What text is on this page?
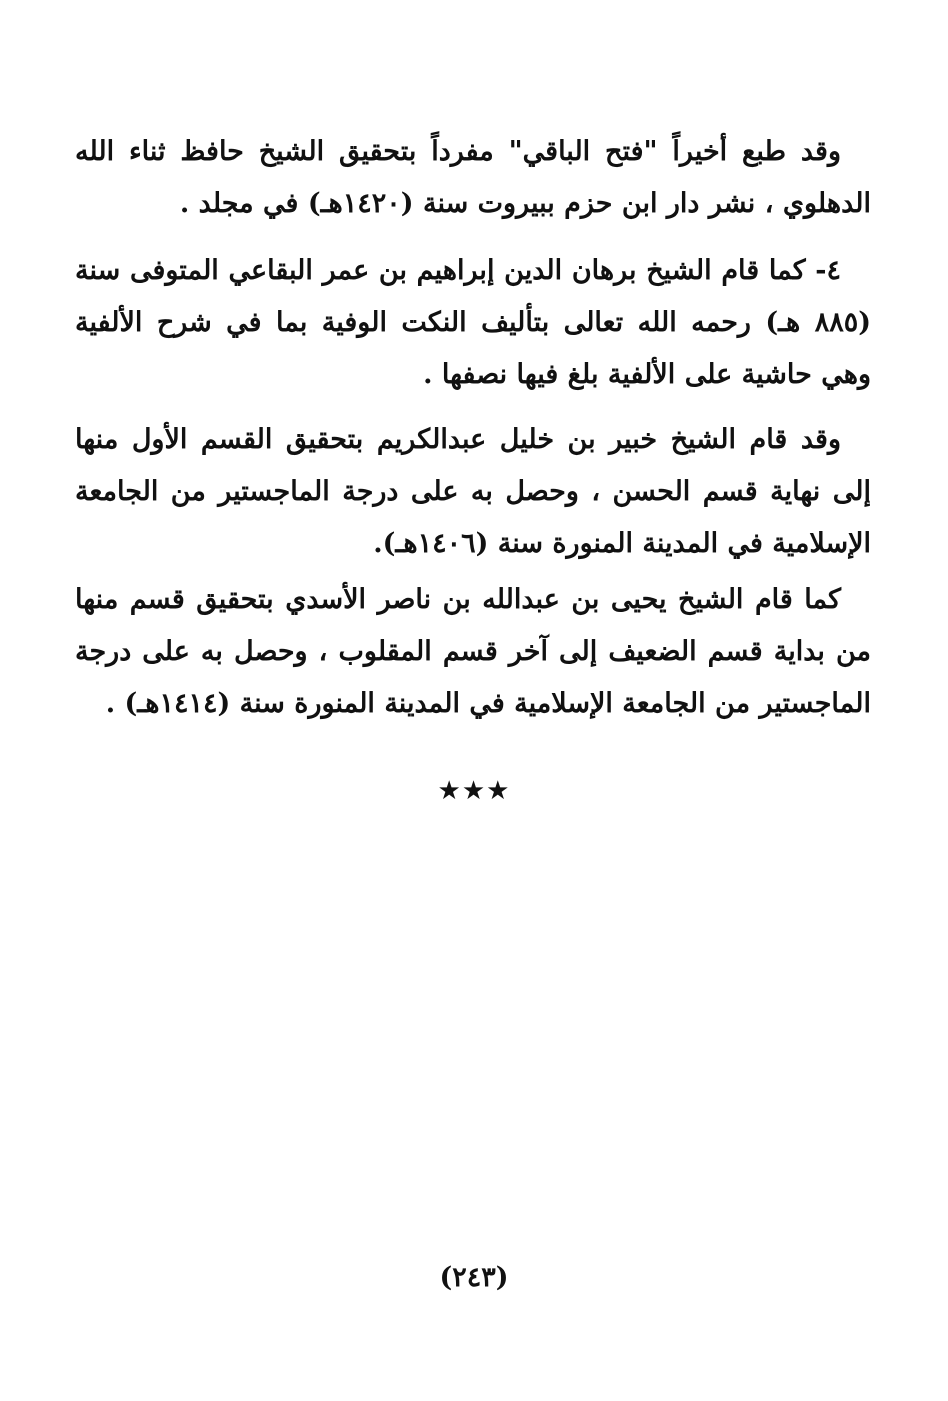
وقد طبع أخيراً "فتح الباقي" مفرداً بتحقيق الشيخ حافظ ثناء الله الدهلوي ، نشر دار ابن حزم ببيروت سنة (١٤٢٠هـ) في مجلد .
٤- كما قام الشيخ برهان الدين إبراهيم بن عمر البقاعي المتوفى سنة (٨٨٥ هـ) رحمه الله تعالى بتأليف النكت الوفية بما في شرح الألفية وهي حاشية على الألفية بلغ فيها نصفها .
وقد قام الشيخ خبير بن خليل عبدالكريم بتحقيق القسم الأول منها إلى نهاية قسم الحسن ، وحصل به على درجة الماجستير من الجامعة الإسلامية في المدينة المنورة سنة (١٤٠٦هـ).
كما قام الشيخ يحيى بن عبدالله بن ناصر الأسدي بتحقيق قسم منها من بداية قسم الضعيف إلى آخر قسم المقلوب ، وحصل به على درجة الماجستير من الجامعة الإسلامية في المدينة المنورة سنة (١٤١٤هـ) .
★★★
(٢٤٣)
